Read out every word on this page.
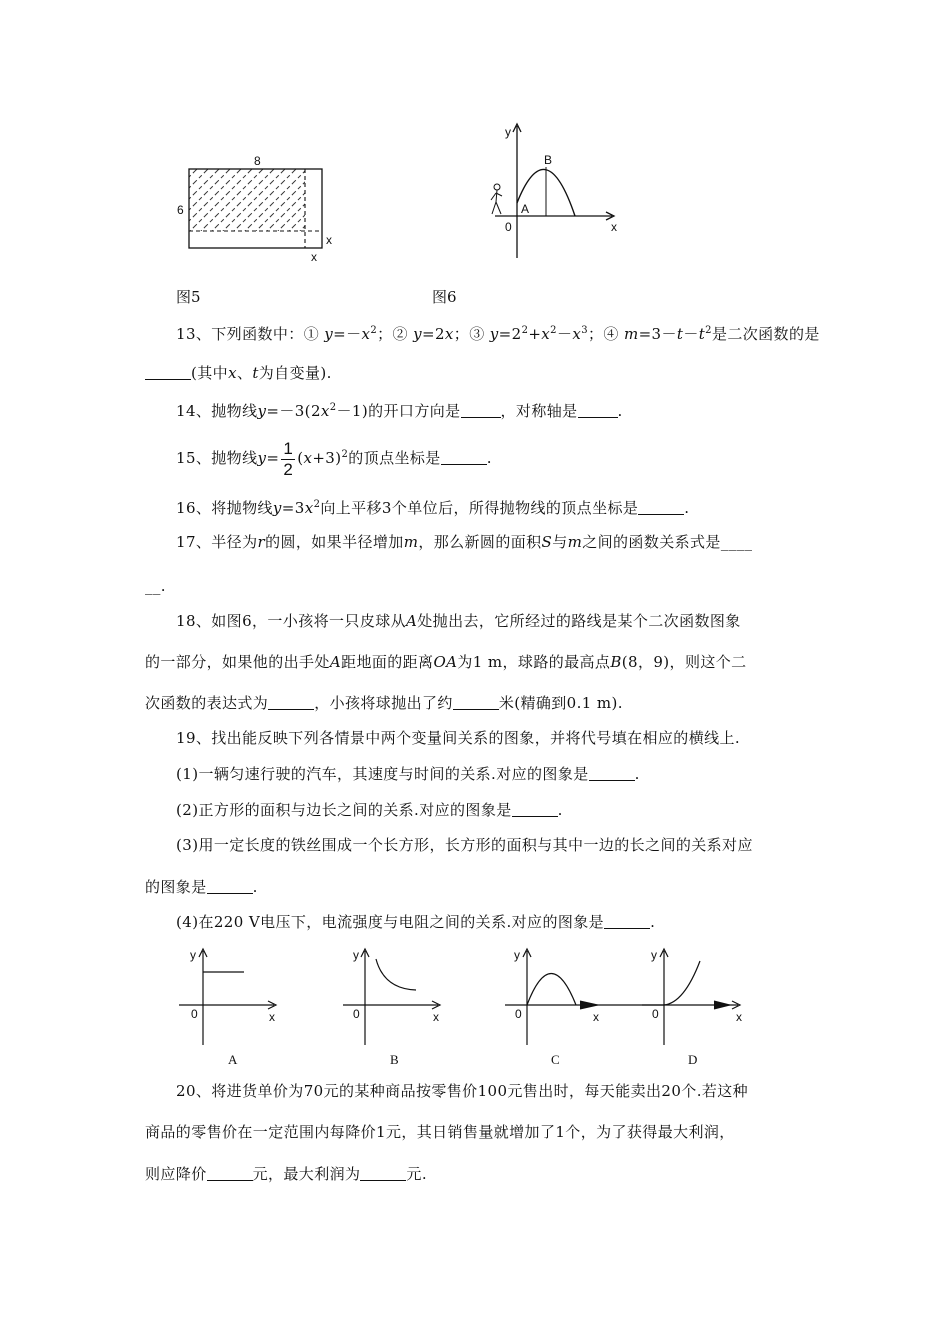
8
6
x
x
图5
y
x
0
A
B
图6
13、下列函数中：① $y=-x^2$；② y=2x；③ $y=2^2+x^2-x^3$；④ $m=3-t-t^2$是二次函数的是
(其中x、t为自变量).
14、抛物线$y=-3(2x^2-1)$的开口方向是	，对称轴是	.
15、抛物线$y= \frac{1}{2} (x+3)^2$的顶点坐标是	.
16、将抛物线$y=3x^2$向上平移3个单位后，所得抛物线的顶点坐标是	.
17、半径为r的圆，如果半径增加m，那么新圆的面积S与m之间的函数关系式是____
__.
18、如图6，一小孩将一只皮球从A处抛出去，它所经过的路线是某个二次函数图象
的一部分，如果他的出手处A距地面的距离OA为1 m，球路的最高点B(8，9)，则这个二
次函数的表达式为	，小孩将球抛出了约	米(精确到0.1 m).
19、找出能反映下列各情景中两个变量间关系的图象，并将代号填在相应的横线上.
(1)一辆匀速行驶的汽车，其速度与时间的关系.对应的图象是	.
(2)正方形的面积与边长之间的关系.对应的图象是	.
(3)用一定长度的铁丝围成一个长方形，长方形的面积与其中一边的长之间的关系对应
的图象是	.
(4)在220 V电压下，电流强度与电阻之间的关系.对应的图象是	.
y
x
0
A
y
x
0
B
y
x
0
y
x
0
C	D
20、将进货单价为70元的某种商品按零售价100元售出时，每天能卖出20个.若这种
商品的零售价在一定范围内每降价1元，其日销售量就增加了1个，为了获得最大利润，
则应降价	元，最大利润为	元.
